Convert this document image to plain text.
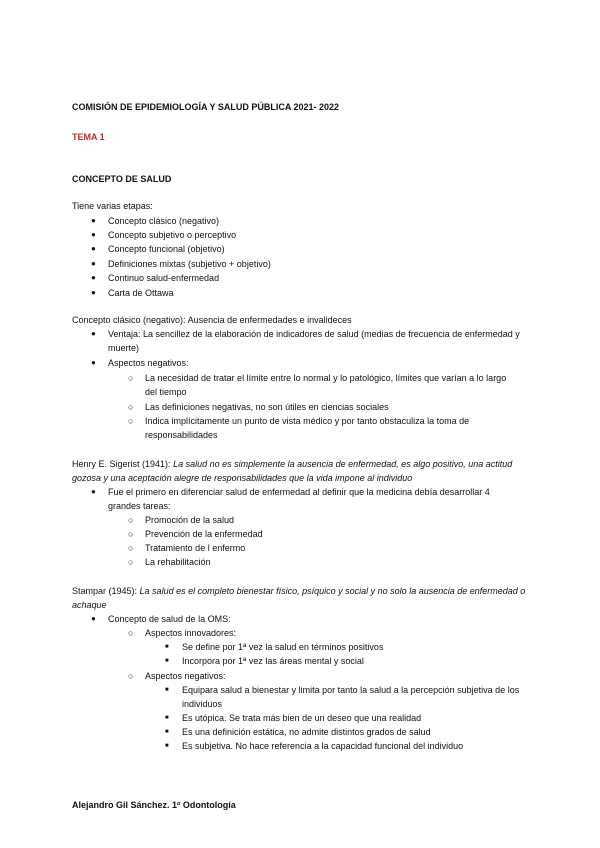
COMISIÓN DE EPIDEMIOLOGÍA Y SALUD PÚBLICA 2021- 2022
TEMA 1
CONCEPTO DE SALUD
Tiene varias etapas:
● Concepto clásico (negativo)
● Concepto subjetivo o perceptivo
● Concepto funcional (objetivo)
● Definiciones mixtas (subjetivo + objetivo)
● Continuo salud-enfermedad
● Carta de Ottawa
Concepto clásico (negativo): Ausencia de enfermedades e invalideces
● Ventaja: La sencillez de la elaboración de indicadores de salud (medias de frecuencia de enfermedad y
muerte)
● Aspectos negativos:
○ La necesidad de tratar el límite entre lo normal y lo patológico, límites que varían a lo largo
del tiempo
○ Las definiciones negativas, no son útiles en ciencias sociales
○ Indica implícitamente un punto de vista médico y por tanto obstaculiza la toma de
responsabilidades
Henry E. Sigerist (1941): La salud no es simplemente la ausencia de enfermedad, es algo positivo, una actitud
gozosa y una aceptación alegre de responsabilidades que la vida impone al individuo
● Fue el primero en diferenciar salud de enfermedad al definir que la medicina debía desarrollar 4
grandes tareas:
○ Promoción de la salud
○ Prevención de la enfermedad
○ Tratamiento de l enfermo
○ La rehabilitación
Stampar (1945): La salud es el completo bienestar físico, psíquico y social y no solo la ausencia de enfermedad o
achaque
● Concepto de salud de la OMS:
○ Aspectos innovadores:
■ Se define por 1ª vez la salud en términos positivos
■ Incorpora por 1ª vez las áreas mental y social
○ Aspectos negativos:
■ Equipara salud a bienestar y limita por tanto la salud a la percepción subjetiva de los
individuos
■ Es utópica. Se trata más bien de un deseo que una realidad
■ Es una definición estática, no admite distintos grados de salud
■ Es subjetiva. No hace referencia a la capacidad funcional del individuo
Alejandro Gil Sánchez. 1º Odontología
